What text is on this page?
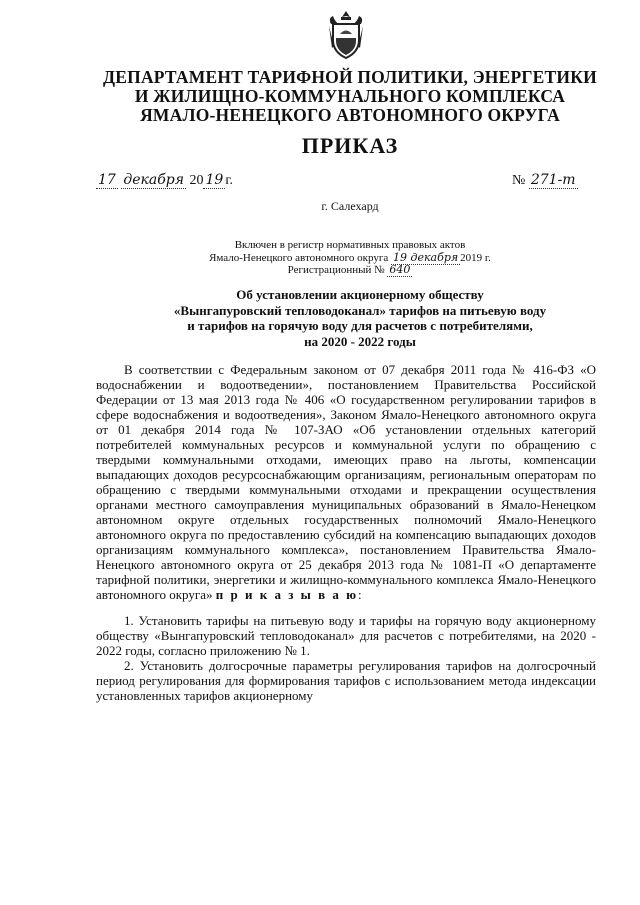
ДЕПАРТАМЕНТ ТАРИФНОЙ ПОЛИТИКИ, ЭНЕРГЕТИКИ
И ЖИЛИЩНО-КОММУНАЛЬНОГО КОМПЛЕКСА
ЯМАЛО-НЕНЕЦКОГО АВТОНОМНОГО ОКРУГА
ПРИКАЗ
17 декабря 20 19 г.	№ 271-т
г. Салехард
Включен в регистр нормативных правовых актов
Ямало-Ненецкого автономного округа 19 декабря 2019 г.
Регистрационный № 640
Об установлении акционерному обществу
«Вынгапуровский тепловодоканал» тарифов на питьевую воду
и тарифов на горячую воду для расчетов с потребителями,
на 2020 - 2022 годы

В соответствии с Федеральным законом от 07 декабря 2011 года № 416-ФЗ «О водоснабжении и водоотведении», постановлением Правительства Российской Федерации от 13 мая 2013 года № 406 «О государственном регулировании тарифов в сфере водоснабжения и водоотведения», Законом Ямало-Ненецкого автономного округа от 01 декабря 2014 года № 107-ЗАО «Об установлении отдельных категорий потребителей коммунальных ресурсов и коммунальной услуги по обращению с твердыми коммунальными отходами, имеющих право на льготы, компенсации выпадающих доходов ресурсоснабжающим организациям, региональным операторам по обращению с твердыми коммунальными отходами и прекращении осуществления органами местного самоуправления муниципальных образований в Ямало-Ненецком автономном округе отдельных государственных полномочий Ямало-Ненецкого автономного округа по предоставлению субсидий на компенсацию выпадающих доходов организациям коммунального комплекса», постановлением Правительства Ямало-Ненецкого автономного округа от 25 декабря 2013 года № 1081-П «О департаменте тарифной политики, энергетики и жилищно-коммунального комплекса Ямало-Ненецкого автономного округа» п р и к а з ы в а ю:

1. Установить тарифы на питьевую воду и тарифы на горячую воду акционерному обществу «Вынгапуровский тепловодоканал» для расчетов с потребителями, на 2020 - 2022 годы, согласно приложению № 1.

2. Установить долгосрочные параметры регулирования тарифов на долгосрочный период регулирования для формирования тарифов с использованием метода индексации установленных тарифов акционерному
